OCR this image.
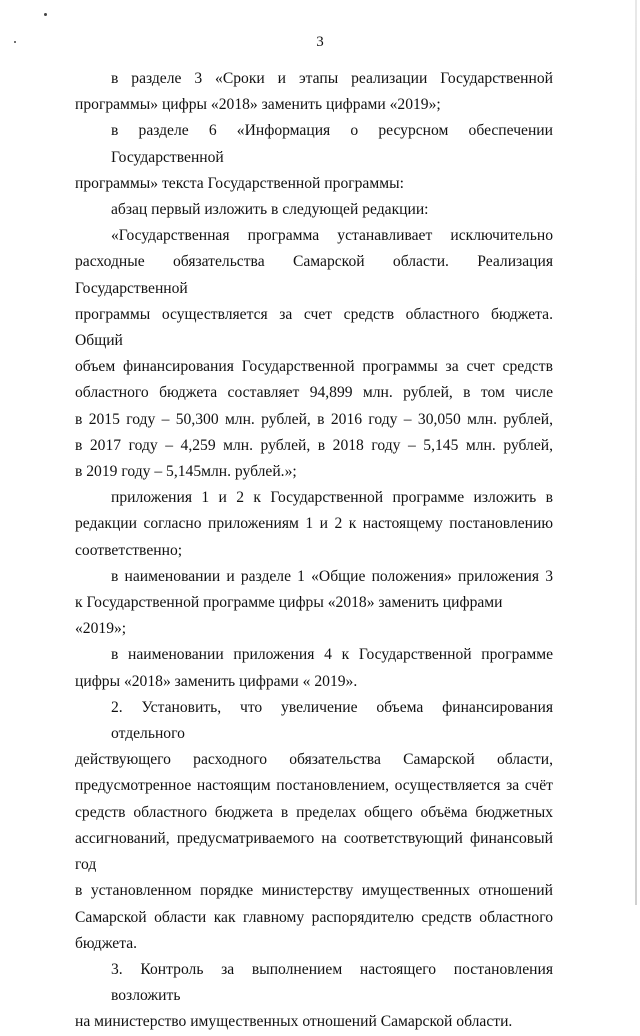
3

в разделе 3 «Сроки и этапы реализации Государственной
программы» цифры «2018» заменить цифрами «2019»;

в разделе 6 «Информация о ресурсном обеспечении Государственной
программы» текста Государственной программы:

абзац первый изложить в следующей редакции:

«Государственная программа устанавливает исключительно
расходные обязательства Самарской области. Реализация Государственной
программы осуществляется за счет средств областного бюджета. Общий
объем финансирования Государственной программы за счет средств
областного бюджета составляет 94,899 млн. рублей, в том числе
в 2015 году – 50,300 млн. рублей, в 2016 году – 30,050 млн. рублей,
в 2017 году – 4,259 млн. рублей, в 2018 году – 5,145 млн. рублей,
в 2019 году – 5,145млн. рублей.»;

приложения 1 и 2 к Государственной программе изложить в
редакции согласно приложениям 1 и 2 к настоящему постановлению
соответственно;

в наименовании и разделе 1 «Общие положения» приложения 3
к Государственной программе цифры «2018» заменить цифрами «2019»;

в наименовании приложения 4 к Государственной программе
цифры «2018» заменить цифрами « 2019».

2. Установить, что увеличение объема финансирования отдельного
действующего расходного обязательства Самарской области,
предусмотренное настоящим постановлением, осуществляется за счёт
средств областного бюджета в пределах общего объёма бюджетных
ассигнований, предусматриваемого на соответствующий финансовый год
в установленном порядке министерству имущественных отношений
Самарской области как главному распорядителю средств областного
бюджета.

3. Контроль за выполнением настоящего постановления возложить
на министерство имущественных отношений Самарской области.
